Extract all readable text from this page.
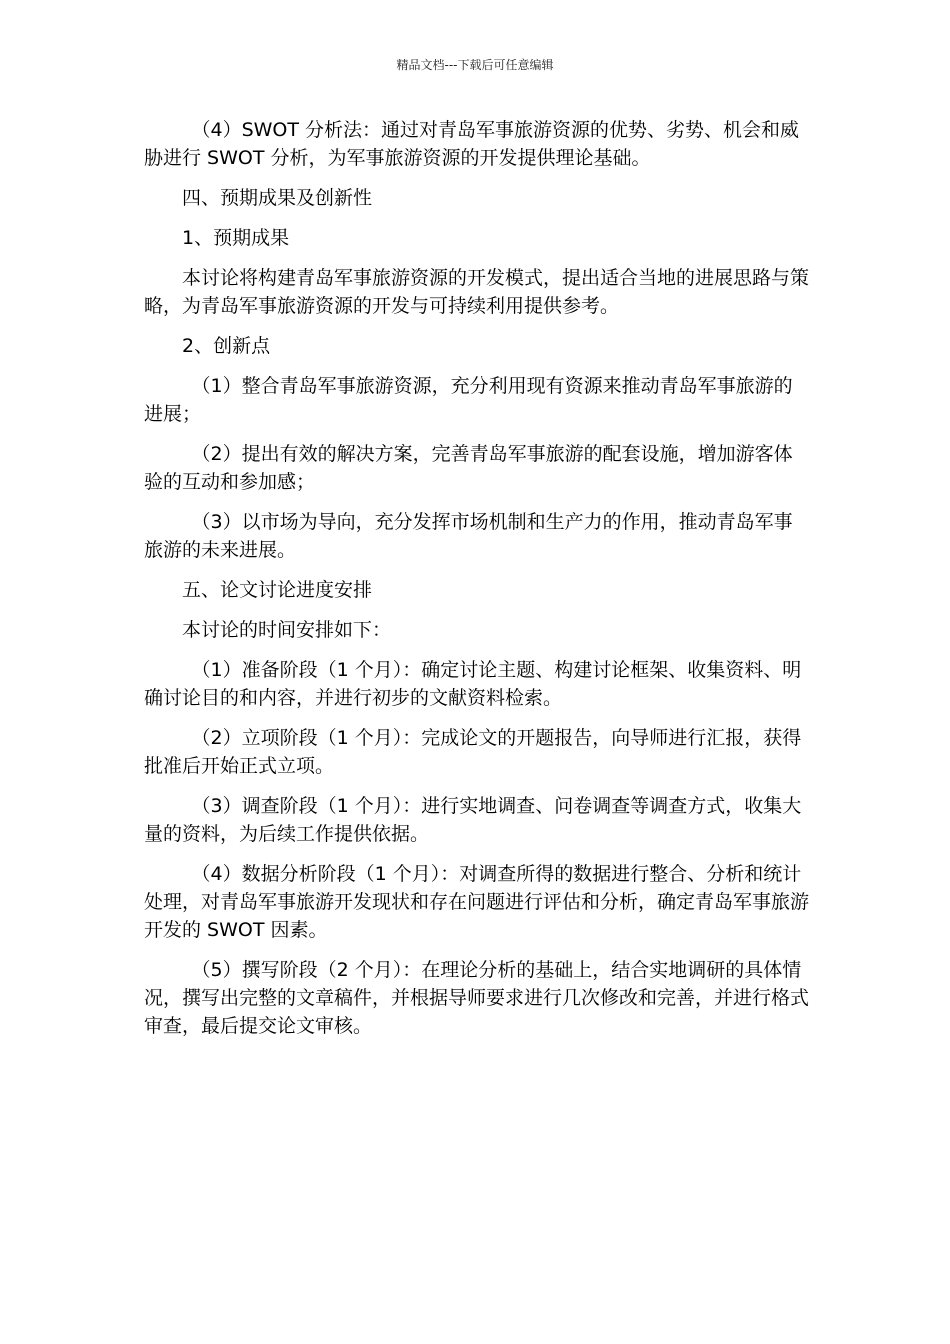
精品文档---下载后可任意编辑

（4）SWOT 分析法：通过对青岛军事旅游资源的优势、劣势、机会和威胁进行 SWOT 分析，为军事旅游资源的开发提供理论基础。

四、预期成果及创新性

1、预期成果

本讨论将构建青岛军事旅游资源的开发模式，提出适合当地的进展思路与策略，为青岛军事旅游资源的开发与可持续利用提供参考。

2、创新点

（1）整合青岛军事旅游资源，充分利用现有资源来推动青岛军事旅游的进展；

（2）提出有效的解决方案，完善青岛军事旅游的配套设施，增加游客体验的互动和参加感；

（3）以市场为导向，充分发挥市场机制和生产力的作用，推动青岛军事旅游的未来进展。

五、论文讨论进度安排

本讨论的时间安排如下：

（1）准备阶段（1 个月）：确定讨论主题、构建讨论框架、收集资料、明确讨论目的和内容，并进行初步的文献资料检索。

（2）立项阶段（1 个月）：完成论文的开题报告，向导师进行汇报，获得批准后开始正式立项。

（3）调查阶段（1 个月）：进行实地调查、问卷调查等调查方式，收集大量的资料，为后续工作提供依据。

（4）数据分析阶段（1 个月）：对调查所得的数据进行整合、分析和统计处理，对青岛军事旅游开发现状和存在问题进行评估和分析，确定青岛军事旅游开发的 SWOT 因素。

（5）撰写阶段（2 个月）：在理论分析的基础上，结合实地调研的具体情况，撰写出完整的文章稿件，并根据导师要求进行几次修改和完善，并进行格式审查，最后提交论文审核。
